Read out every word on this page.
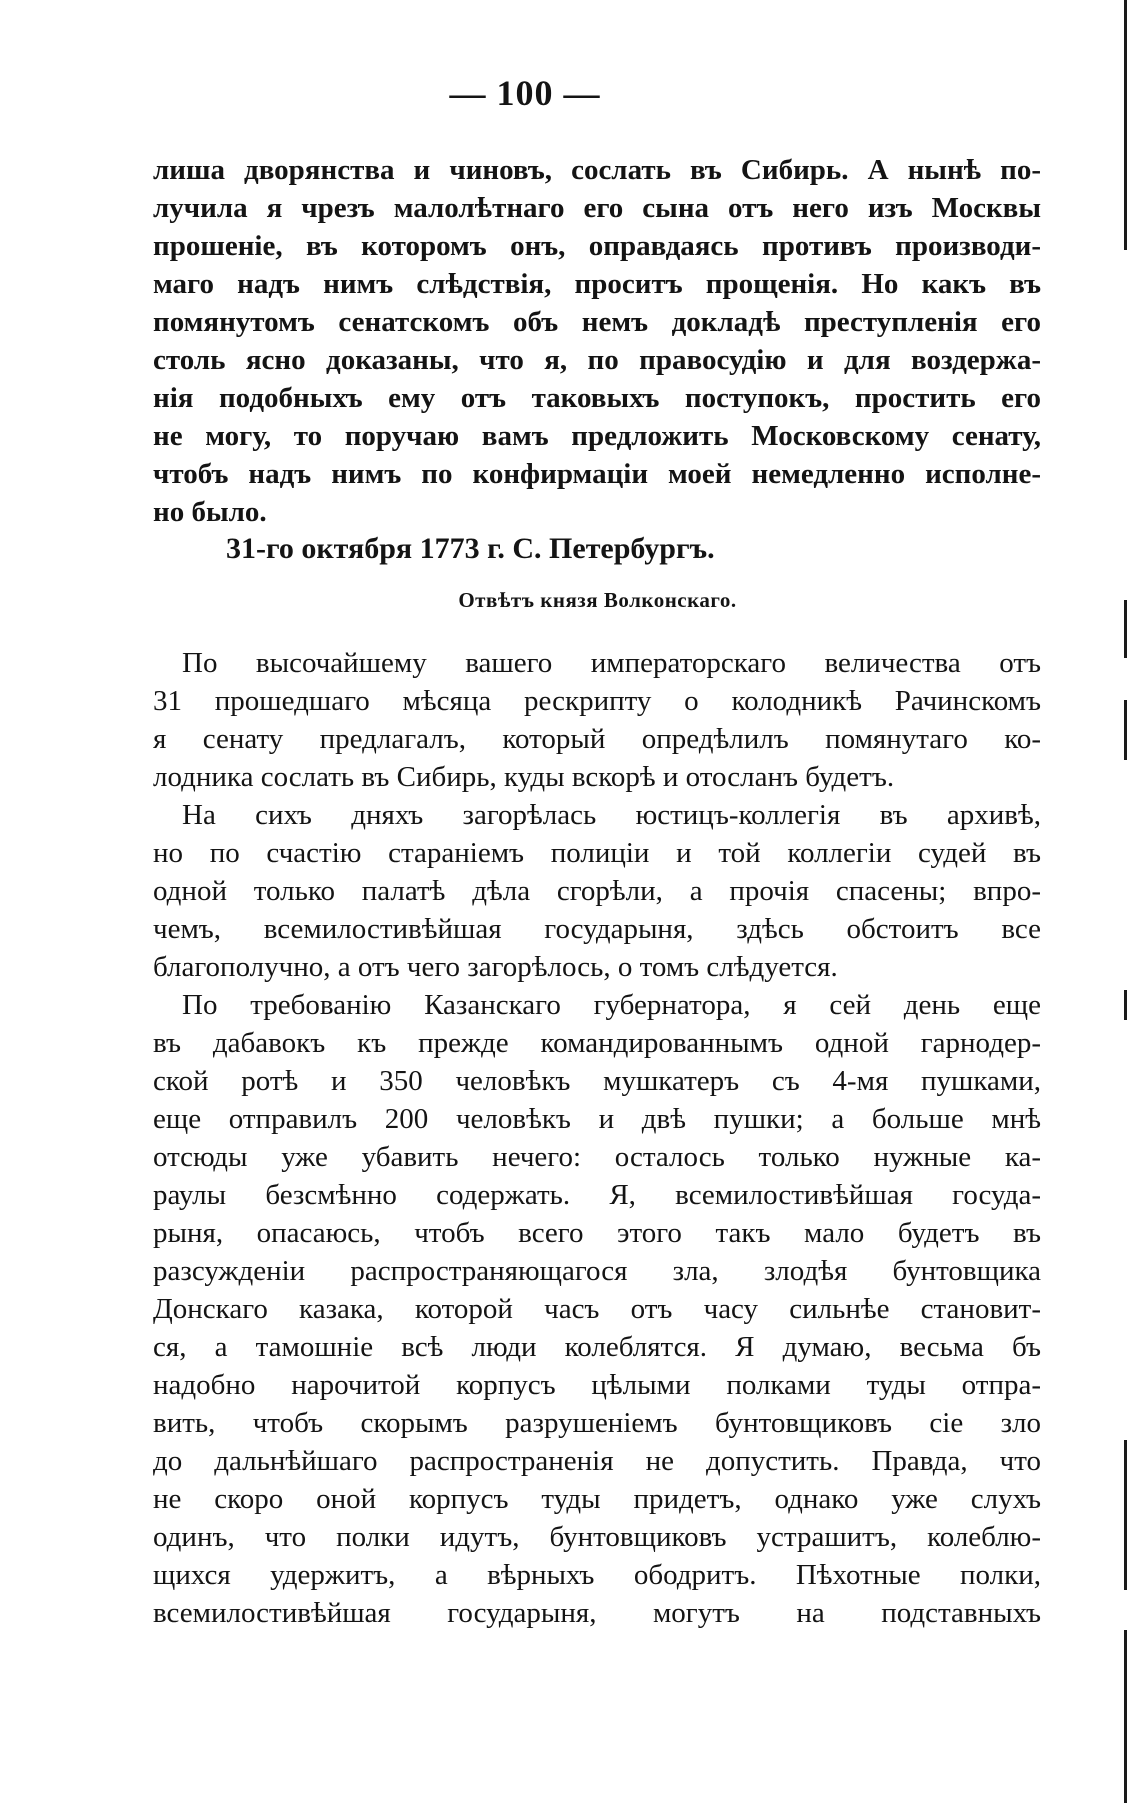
— 100 —
лиша дворянства и чиновъ, сослать въ Сибирь. А нынѣ по-
лучила я чрезъ малолѣтнаго его сына отъ него изъ Москвы
прошеніе, въ которомъ онъ, оправдаясь противъ производи-
маго надъ нимъ слѣдствія, проситъ прощенія. Но какъ въ
помянутомъ сенатскомъ объ немъ докладѣ преступленія его
столь ясно доказаны, что я, по правосудію и для воздержа-
нія подобныхъ ему отъ таковыхъ поступокъ, простить его
не могу, то поручаю вамъ предложить Московскому сенату,
чтобъ надъ нимъ по конфирмаціи моей немедленно исполне-
но было.
31-го октября 1773 г. С. Петербургъ.
Отвѣтъ князя Волконскаго.
По высочайшему вашего императорскаго величества отъ
31 прошедшаго мѣсяца рескрипту о колодникѣ Рачинскомъ
я сенату предлагалъ, который опредѣлилъ помянутаго ко-
лодника сослать въ Сибирь, куды вскорѣ и отосланъ будетъ.
На сихъ дняхъ загорѣлась юстицъ-коллегія въ архивѣ,
но по счастію стараніемъ полиціи и той коллегіи судей въ
одной только палатѣ дѣла сгорѣли, а прочія спасены; впро-
чемъ, всемилостивѣйшая государыня, здѣсь обстоитъ все
благополучно, а отъ чего загорѣлось, о томъ слѣдуется.
По требованію Казанскаго губернатора, я сей день еще
въ дабавокъ къ прежде командированнымъ одной гарнодер-
ской ротѣ и 350 человѣкъ мушкатеръ съ 4-мя пушками,
еще отправилъ 200 человѣкъ и двѣ пушки; а больше мнѣ
отсюды уже убавить нечего: осталось только нужные ка-
раулы безсмѣнно содержать. Я, всемилостивѣйшая госуда-
рыня, опасаюсь, чтобъ всего этого такъ мало будетъ въ
разсужденіи распространяющагося зла, злодѣя бунтовщика
Донскаго казака, которой часъ отъ часу сильнѣе становит-
ся, а тамошніе всѣ люди колеблятся. Я думаю, весьма бъ
надобно нарочитой корпусъ цѣлыми полками туды отпра-
вить, чтобъ скорымъ разрушеніемъ бунтовщиковъ сіе зло
до дальнѣйшаго распространенія не допустить. Правда, что
не скоро оной корпусъ туды придетъ, однако уже слухъ
одинъ, что полки идутъ, бунтовщиковъ устрашитъ, колеблю-
щихся удержитъ, а вѣрныхъ ободритъ. Пѣхотные полки,
всемилостивѣйшая государыня, могутъ на подставныхъ
